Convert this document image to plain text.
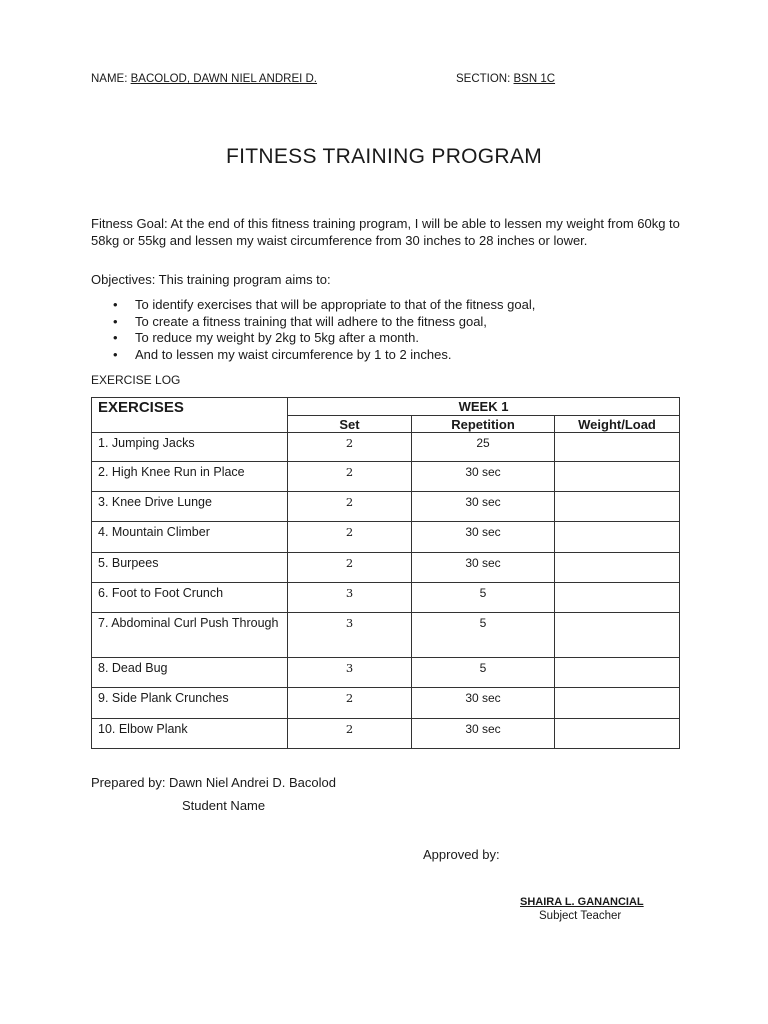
NAME: BACOLOD, DAWN NIEL ANDREI D.	SECTION: BSN 1C
FITNESS TRAINING PROGRAM
Fitness Goal: At the end of this fitness training program, I will be able to lessen my weight from 60kg to 58kg or 55kg and lessen my waist circumference from 30 inches to 28 inches or lower.
Objectives: This training program aims to:
• To identify exercises that will be appropriate to that of the fitness goal,
• To create a fitness training that will adhere to the fitness goal,
• To reduce my weight by 2kg to 5kg after a month.
• And to lessen my waist circumference by 1 to 2 inches.
EXERCISE LOG
EXERCISES	WEEK 1		
	Set	Repetition	Weight/Load
1. Jumping Jacks	2	25	
2. High Knee Run in Place	2	30 sec	
3. Knee Drive Lunge	2	30 sec	
4. Mountain Climber	2	30 sec	
5. Burpees	2	30 sec	
6. Foot to Foot Crunch	3	5	
7. Abdominal Curl Push Through	3	5	
8. Dead Bug	3	5	
9. Side Plank Crunches	2	30 sec	
10. Elbow Plank	2	30 sec	
Prepared by: Dawn Niel Andrei D. Bacolod
Student Name
Approved by:
SHAIRA L. GANANCIAL
Subject Teacher
